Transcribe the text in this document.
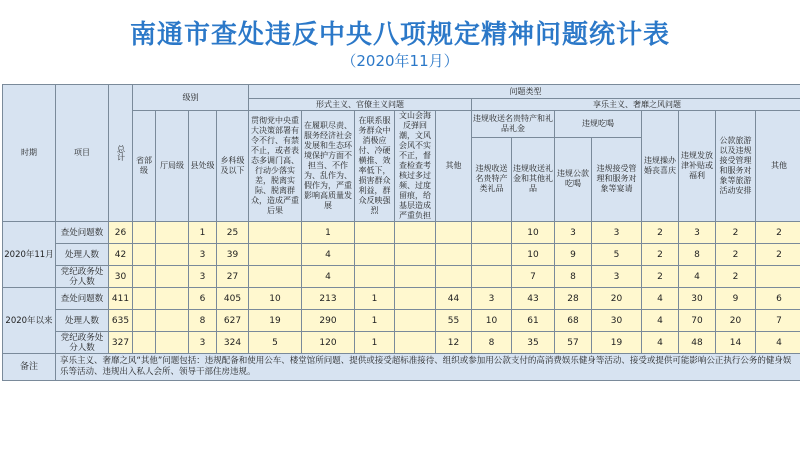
南通市查处违反中央八项规定精神问题统计表
（2020年11月）
时期	项目	总计	级别				问题类型												
							形式主义、官僚主义问题					享乐主义、奢靡之风问题							
			省部级	厅局级	县处级	乡科级及以下	贯彻党中央重大决策部署有令不行、有禁不止，或者表态多调门高、行动少落实差，脱离实际、脱离群众，造成严重后果	在履职尽责、服务经济社会发展和生态环境保护方面不担当、不作为、乱作为、假作为，严重影响高质量发展	在联系服务群众中消极应付、冷硬横推、效率低下，损害群众利益，群众反映强烈	文山会海反弹回潮，文风会风不实不正，督查检查考核过多过频、过度留痕，给基层造成严重负担	其他	违规收送名贵特产和礼品礼金		违规吃喝		违规操办婚丧喜庆	违规发放津补贴或福利	公款旅游以及违规接受管理和服务对象等旅游活动安排	其他
												违规收送名贵特产类礼品	违规收送礼金和其他礼品	违规公款吃喝	违规接受管理和服务对象等宴请				
2020年11月	查处问题数	26			1	25		1					10	3	3	2	3	2	2
	处理人数	42			3	39		4					10	9	5	2	8	2	2
	党纪政务处分人数	30			3	27		4					7	8	3	2	4	2	
2020年以来	查处问题数	411			6	405	10	213	1		44	3	43	28	20	4	30	9	6
	处理人数	635			8	627	19	290	1		55	10	61	68	30	4	70	20	7
	党纪政务处分人数	327			3	324	5	120	1		12	8	35	57	19	4	48	14	4
备注	享乐主义、奢靡之风“其他”问题包括：违规配备和使用公车、楼堂馆所问题、提供或接受超标准接待、组织或参加用公款支付的高消费娱乐健身等活动、接受或提供可能影响公正执行公务的健身娱乐等活动、违规出入私人会所、领导干部住房违规。																		
